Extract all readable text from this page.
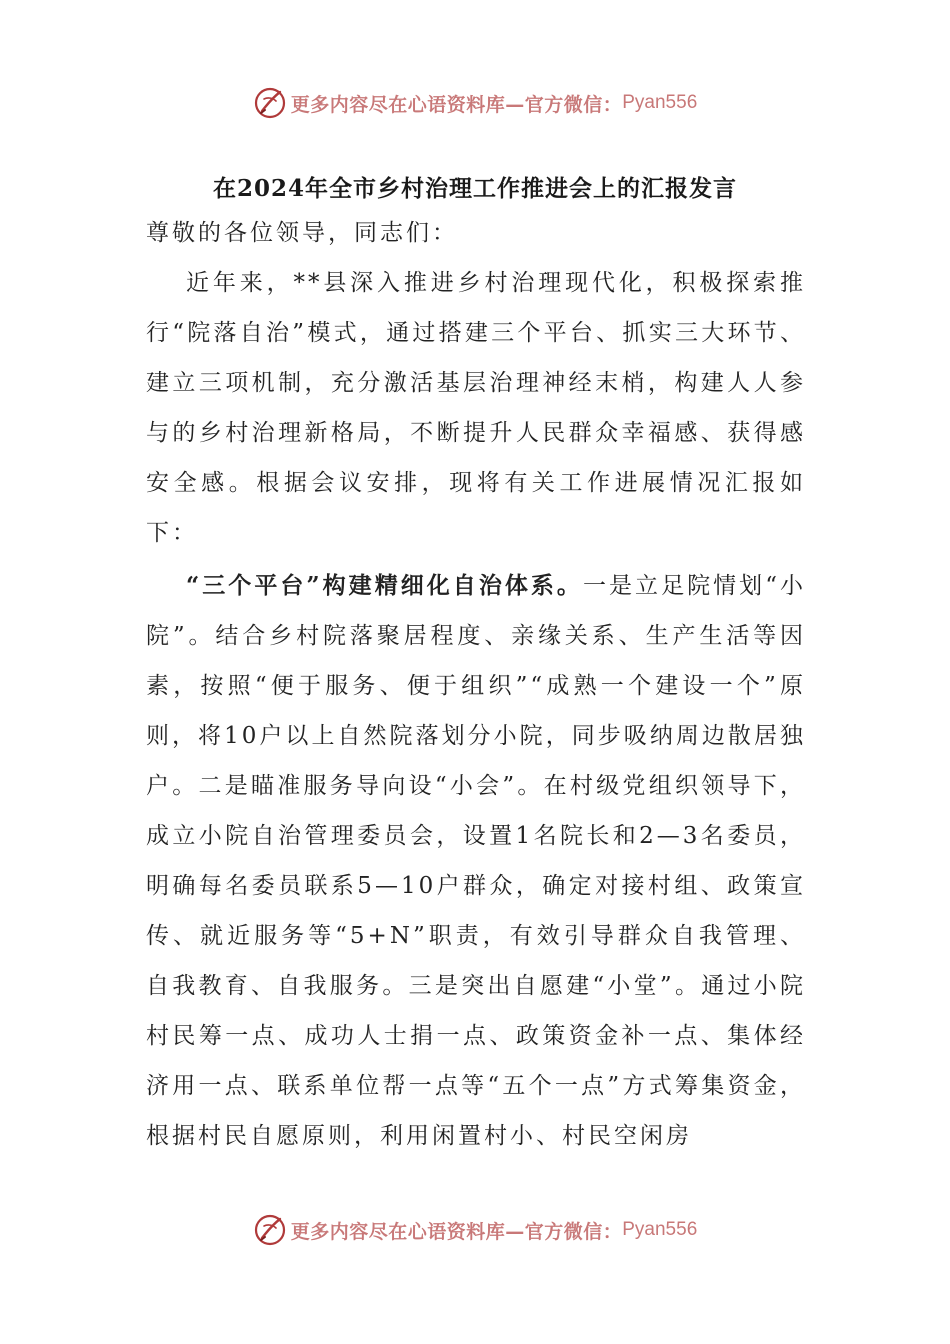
更多内容尽在心语资料库—官方微信： Pyan556
在2024年全市乡村治理工作推进会上的汇报发言

尊敬的各位领导，同志们：

近年来，**县深入推进乡村治理现代化，积极探索推行“院落自治”模式，通过搭建三个平台、抓实三大环节、建立三项机制，充分激活基层治理神经末梢，构建人人参与的乡村治理新格局，不断提升人民群众幸福感、获得感安全感。根据会议安排，现将有关工作进展情况汇报如下：

“三个平台”构建精细化自治体系。一是立足院情划“小院”。结合乡村院落聚居程度、亲缘关系、生产生活等因素，按照“便于服务、便于组织”“成熟一个建设一个”原则，将10户以上自然院落划分小院，同步吸纳周边散居独户。二是瞄准服务导向设“小会”。在村级党组织领导下，成立小院自治管理委员会，设置1名院长和2—3名委员，明确每名委员联系5—10户群众，确定对接村组、政策宣传、就近服务等“5+N”职责，有效引导群众自我管理、自我教育、自我服务。三是突出自愿建“小堂”。通过小院村民筹一点、成功人士捐一点、政策资金补一点、集体经济用一点、联系单位帮一点等“五个一点”方式筹集资金，根据村民自愿原则，利用闲置村小、村民空闲房

更多内容尽在心语资料库—官方微信： Pyan556
